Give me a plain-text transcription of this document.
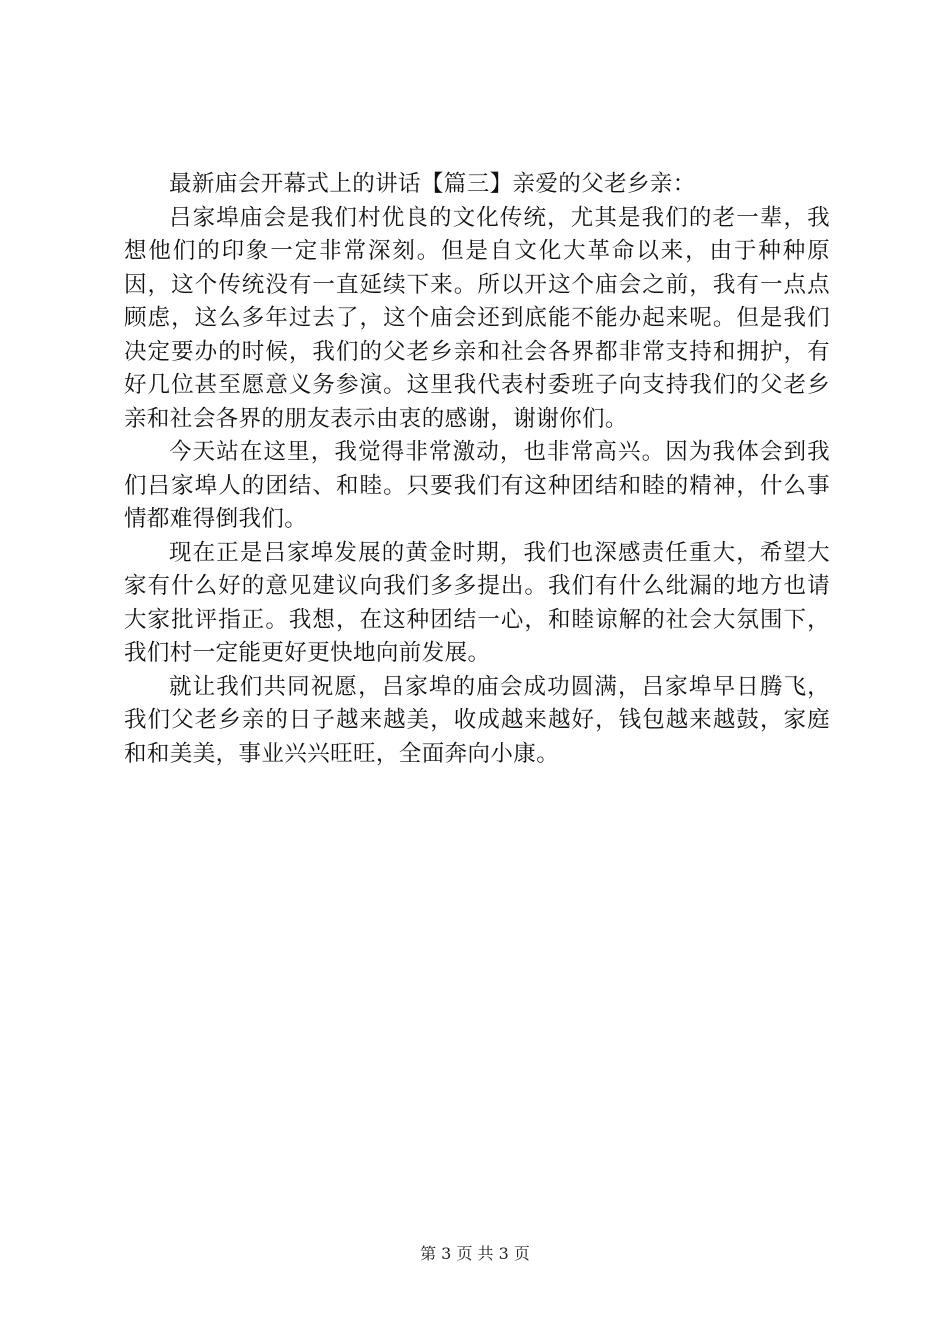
最新庙会开幕式上的讲话【篇三】亲爱的父老乡亲：

吕家埠庙会是我们村优良的文化传统，尤其是我们的老一辈，我想他们的印象一定非常深刻。但是自文化大革命以来，由于种种原因，这个传统没有一直延续下来。所以开这个庙会之前，我有一点点顾虑，这么多年过去了，这个庙会还到底能不能办起来呢。但是我们决定要办的时候，我们的父老乡亲和社会各界都非常支持和拥护，有好几位甚至愿意义务参演。这里我代表村委班子向支持我们的父老乡亲和社会各界的朋友表示由衷的感谢，谢谢你们。

今天站在这里，我觉得非常激动，也非常高兴。因为我体会到我们吕家埠人的团结、和睦。只要我们有这种团结和睦的精神，什么事情都难得倒我们。

现在正是吕家埠发展的黄金时期，我们也深感责任重大，希望大家有什么好的意见建议向我们多多提出。我们有什么纰漏的地方也请大家批评指正。我想，在这种团结一心，和睦谅解的社会大氛围下，我们村一定能更好更快地向前发展。

就让我们共同祝愿，吕家埠的庙会成功圆满，吕家埠早日腾飞，我们父老乡亲的日子越来越美，收成越来越好，钱包越来越鼓，家庭和和美美，事业兴兴旺旺，全面奔向小康。

第 3 页 共 3 页
